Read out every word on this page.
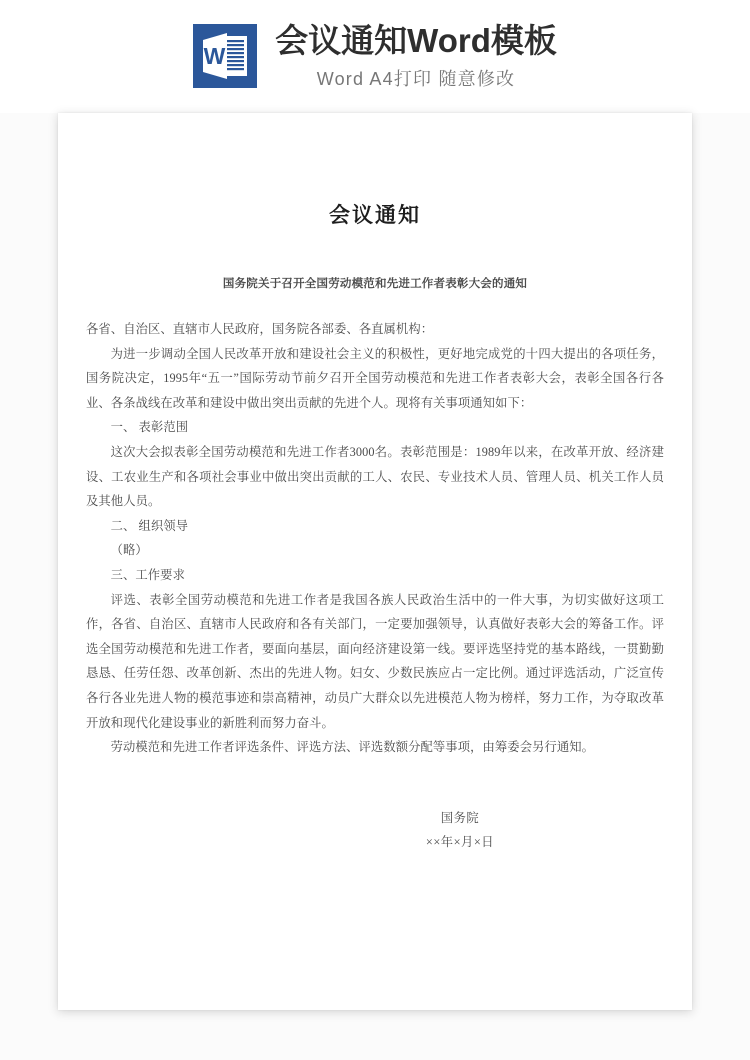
W 会议通知Word模板
Word A4打印 随意修改
会议通知
国务院关于召开全国劳动模范和先进工作者表彰大会的通知

各省、自治区、直辖市人民政府，国务院各部委、各直属机构：

为进一步调动全国人民改革开放和建设社会主义的积极性，更好地完成党的十四大提出的各项任务，国务院决定，1995年“五一”国际劳动节前夕召开全国劳动模范和先进工作者表彰大会，表彰全国各行各业、各条战线在改革和建设中做出突出贡献的先进个人。现将有关事项通知如下：

一、 表彰范围

这次大会拟表彰全国劳动模范和先进工作者3000名。表彰范围是：1989年以来，在改革开放、经济建设、工农业生产和各项社会事业中做出突出贡献的工人、农民、专业技术人员、管理人员、机关工作人员及其他人员。

二、 组织领导

（略）

三、工作要求

评选、表彰全国劳动模范和先进工作者是我国各族人民政治生活中的一件大事，为切实做好这项工作，各省、自治区、直辖市人民政府和各有关部门，一定要加强领导，认真做好表彰大会的筹备工作。评选全国劳动模范和先进工作者，要面向基层，面向经济建设第一线。要评选坚持党的基本路线，一贯勤勤恳恳、任劳任怨、改革创新、杰出的先进人物。妇女、少数民族应占一定比例。通过评选活动，广泛宣传各行各业先进人物的模范事迹和崇高精神，动员广大群众以先进模范人物为榜样，努力工作，为夺取改革开放和现代化建设事业的新胜利而努力奋斗。

劳动模范和先进工作者评选条件、评选方法、评选数额分配等事项，由筹委会另行通知。

国务院
××年×月×日
